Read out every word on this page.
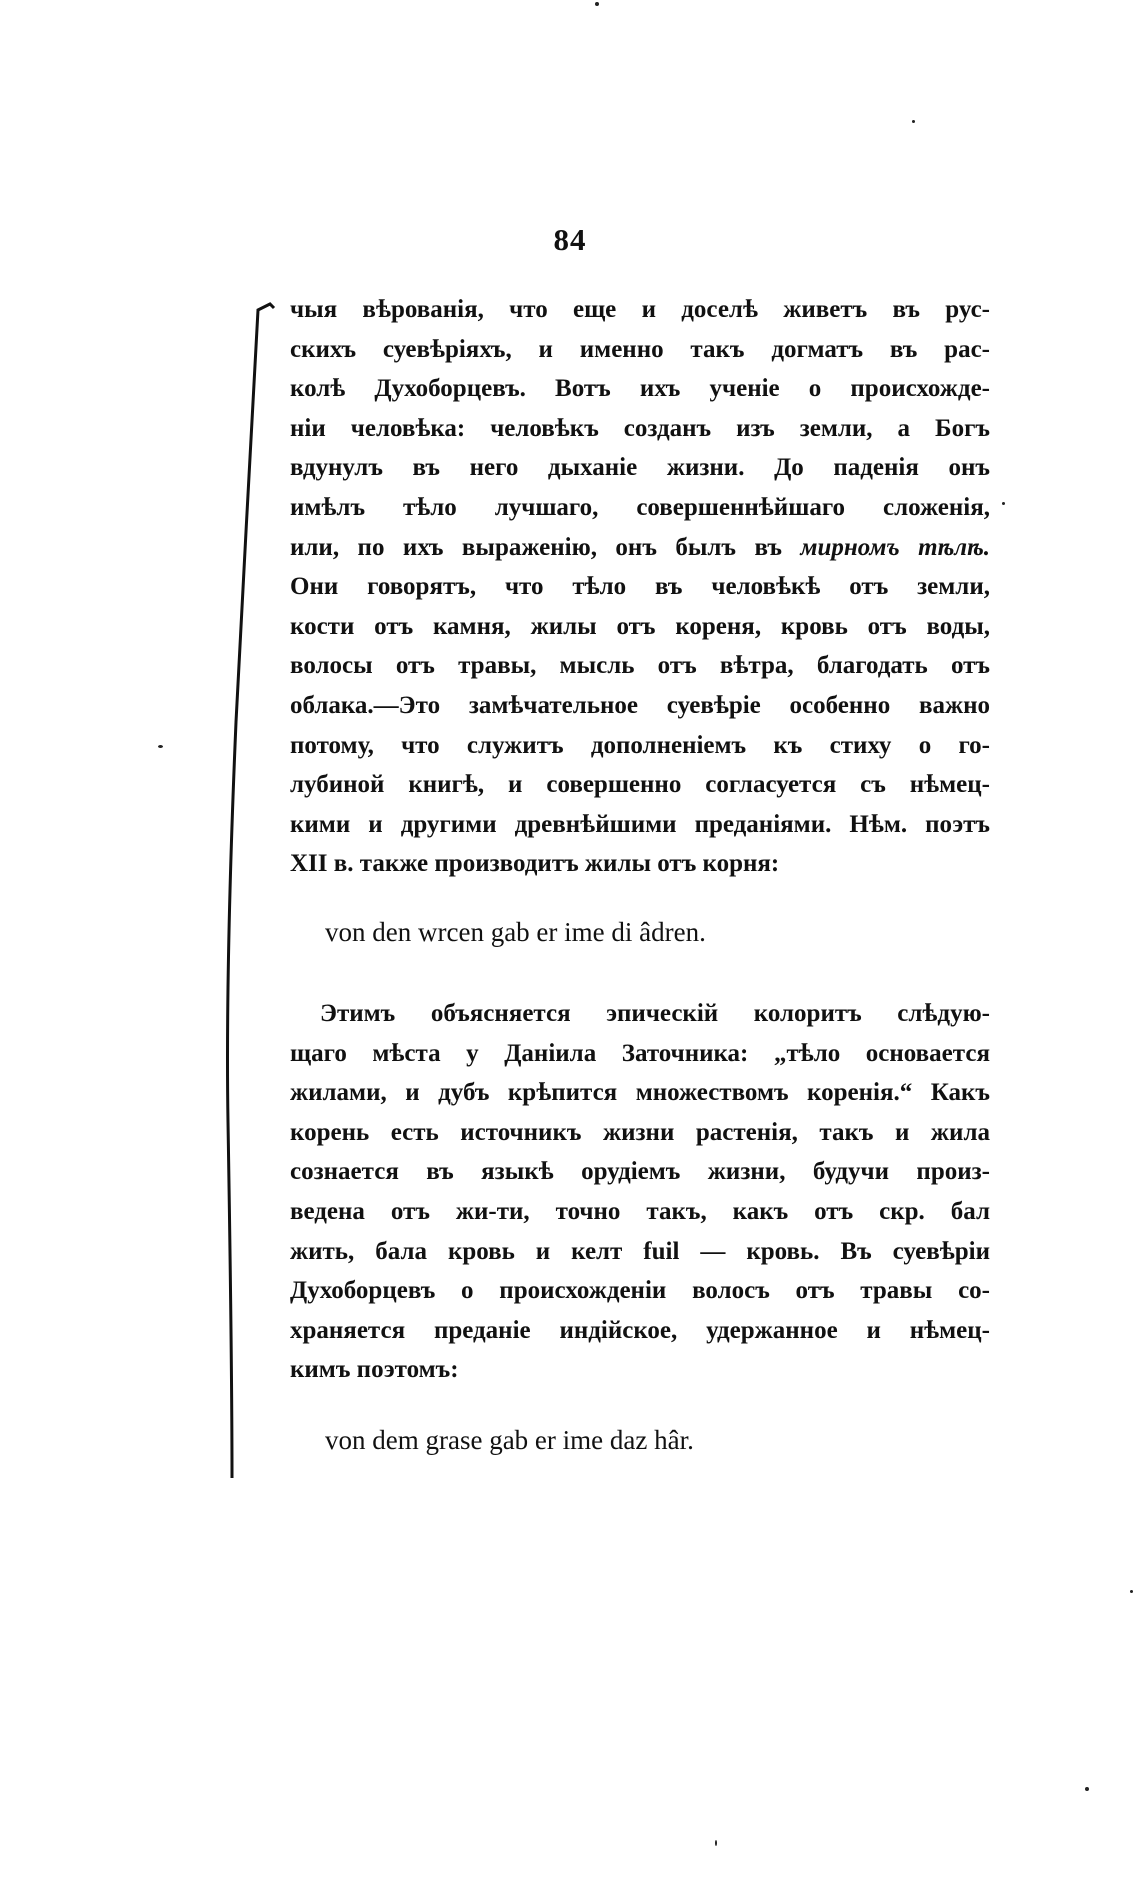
84
чыя вѣрованія, что еще и доселѣ живетъ въ рус-
скихъ суевѣріяхъ, и именно такъ догматъ въ рас-
колѣ Духоборцевъ. Вотъ ихъ ученіе о происхожде-
ніи человѣка: человѣкъ созданъ изъ земли, а Богъ
вдунулъ въ него дыханіе жизни. До паденія онъ
имѣлъ тѣло лучшаго, совершеннѣйшаго сложенія,
или, по ихъ выраженію, онъ былъ въ мирномъ тѣлѣ.
Они говорятъ, что тѣло въ человѣкѣ отъ земли,
кости отъ камня, жилы отъ кореня, кровь отъ воды,
волосы отъ травы, мысль отъ вѣтра, благодать отъ
облака.—Это замѣчательное суевѣріе особенно важно
потому, что служитъ дополненіемъ къ стиху о го-
лубиной книгѣ, и совершенно согласуется съ нѣмец-
кими и другими древнѣйшими преданіями. Нѣм. поэтъ
XII в. также производитъ жилы отъ корня:
von den wrcen gab er ime di âdren.
Этимъ объясняется эпическій колоритъ слѣдую-
щаго мѣста у Даніила Заточника: „тѣло основается
жилами, и дубъ крѣпится множествомъ коренія.“ Какъ
корень есть источникъ жизни растенія, такъ и жила
сознается въ языкѣ орудіемъ жизни, будучи произ-
ведена отъ жи-ти, точно такъ, какъ отъ скр. бал
жить, бала кровь и келт fuil — кровь. Въ суевѣріи
Духоборцевъ о происхожденіи волосъ отъ травы со-
храняется преданіе индійское, удержанное и нѣмец-
кимъ поэтомъ:
von dem grase gab er ime daz hâr.
